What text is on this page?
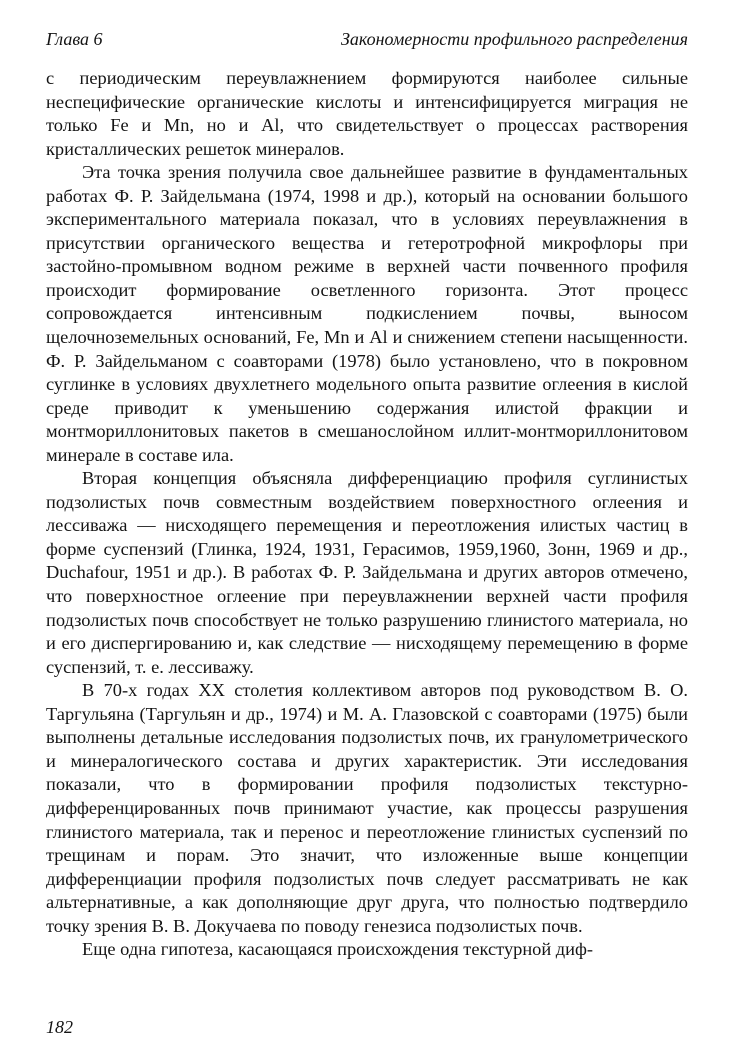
Глава 6	Закономерности профильного распределения

с периодическим переувлажнением формируются наиболее сильные неспецифические органические кислоты и интенсифицируется миграция не только Fe и Mn, но и Al, что свидетельствует о процессах растворения кристаллических решеток минералов.

Эта точка зрения получила свое дальнейшее развитие в фундаментальных работах Ф. Р. Зайдельмана (1974, 1998 и др.), который на основании большого экспериментального материала показал, что в условиях переувлажнения в присутствии органического вещества и гетеротрофной микрофлоры при застойно-промывном водном режиме в верхней части почвенного профиля происходит формирование осветленного горизонта. Этот процесс сопровождается интенсивным подкислением почвы, выносом щелочноземельных оснований, Fe, Mn и Al и снижением степени насыщенности. Ф. Р. Зайдельманом с соавторами (1978) было установлено, что в покровном суглинке в условиях двухлетнего модельного опыта развитие оглеения в кислой среде приводит к уменьшению содержания илистой фракции и монтмориллонитовых пакетов в смешанослойном иллит-монтмориллонитовом минерале в составе ила.

Вторая концепция объясняла дифференциацию профиля суглинистых подзолистых почв совместным воздействием поверхностного оглеения и лессиважа — нисходящего перемещения и переотложения илистых частиц в форме суспензий (Глинка, 1924, 1931, Герасимов, 1959,1960, Зонн, 1969 и др., Duchafour, 1951 и др.). В работах Ф. Р. Зайдельмана и других авторов отмечено, что поверхностное оглеение при переувлажнении верхней части профиля подзолистых почв способствует не только разрушению глинистого материала, но и его диспергированию и, как следствие — нисходящему перемещению в форме суспензий, т. е. лессиважу.

В 70-х годах XX столетия коллективом авторов под руководством В. О. Таргульяна (Таргульян и др., 1974) и М. А. Глазовской с соавторами (1975) были выполнены детальные исследования подзолистых почв, их гранулометрического и минералогического состава и других характеристик. Эти исследования показали, что в формировании профиля подзолистых текстурно-дифференцированных почв принимают участие, как процессы разрушения глинистого материала, так и перенос и переотложение глинистых суспензий по трещинам и порам. Это значит, что изложенные выше концепции дифференциации профиля подзолистых почв следует рассматривать не как альтернативные, а как дополняющие друг друга, что полностью подтвердило точку зрения В. В. Докучаева по поводу генезиса подзолистых почв.

Еще одна гипотеза, касающаяся происхождения текстурной диф-

182
